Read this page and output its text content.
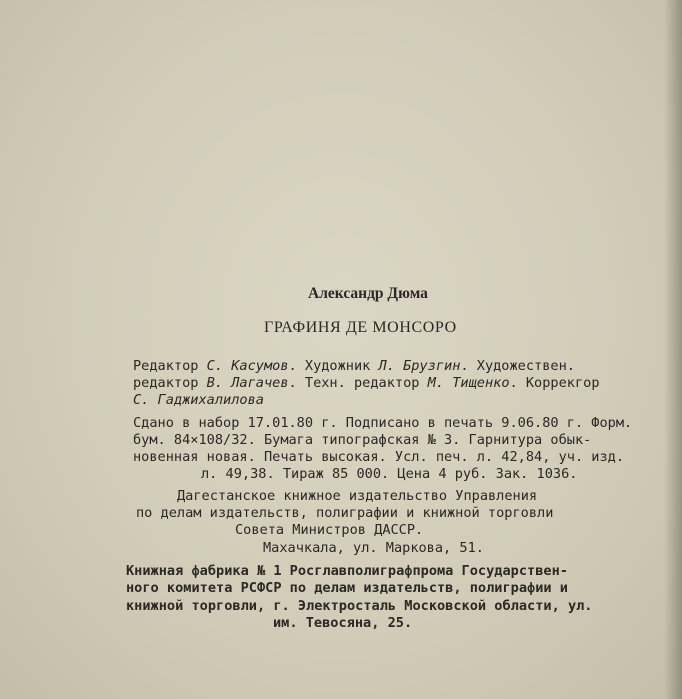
Александр Дюма
ГРАФИНЯ ДЕ МОНСОРО
Редактор С. Касумов. Художник Л. Брузгин. Художествен.
редактор В. Лагачев. Техн. редактор М. Тищенко. Коррекгор
С. Гаджихалилова
Сдано в набор 17.01.80 г. Подписано в печать 9.06.80 г. Форм.
бум. 84×108/32. Бумага типографская № 3. Гарнитура обык-
новенная новая. Печать высокая. Усл. печ. л. 42,84, уч. изд.
л. 49,38. Тираж 85 000. Цена 4 руб. Зак. 1036.
Дагестанское книжное издательство Управления
по делам издательств, полиграфии и книжной торговли
Совета Министров ДАССР.
Махачкала, ул. Маркова, 51.
Книжная фабрика № 1 Росглавполиграфпрома Государствен-
ного комитета РСФСР по делам издательств, полиграфии и
книжной торговли, г. Электросталь Московской области, ул.
им. Тевосяна, 25.
